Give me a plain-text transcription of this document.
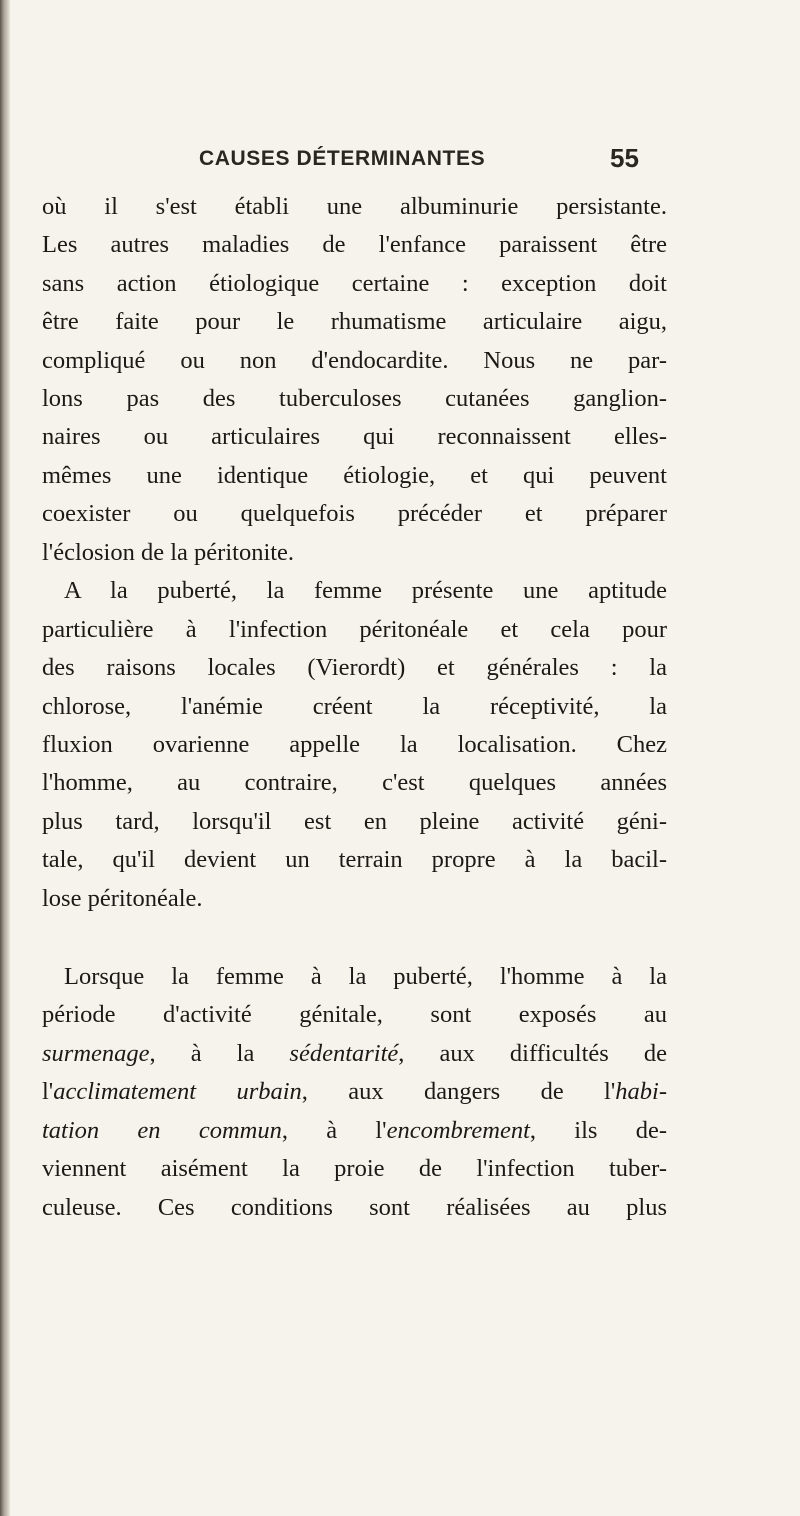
CAUSES DÉTERMINANTES	55
où il s'est établi une albuminurie persistante.
Les autres maladies de l'enfance paraissent être
sans action étiologique certaine : exception doit
être faite pour le rhumatisme articulaire aigu,
compliqué ou non d'endocardite. Nous ne par-
lons pas des tuberculoses cutanées ganglion-
naires ou articulaires qui reconnaissent elles-
mêmes une identique étiologie, et qui peuvent
coexister ou quelquefois précéder et préparer
l'éclosion de la péritonite.
A la puberté, la femme présente une aptitude
particulière à l'infection péritonéale et cela pour
des raisons locales (Vierordt) et générales : la
chlorose, l'anémie créent la réceptivité, la
fluxion ovarienne appelle la localisation. Chez
l'homme, au contraire, c'est quelques années
plus tard, lorsqu'il est en pleine activité géni-
tale, qu'il devient un terrain propre à la bacil-
lose péritonéale.
Lorsque la femme à la puberté, l'homme à la
période d'activité génitale, sont exposés au
surmenage, à la sédentarité, aux difficultés de
l'acclimatement urbain, aux dangers de l'habi-
tation en commun, à l'encombrement, ils de-
viennent aisément la proie de l'infection tuber-
culeuse. Ces conditions sont réalisées au plus
